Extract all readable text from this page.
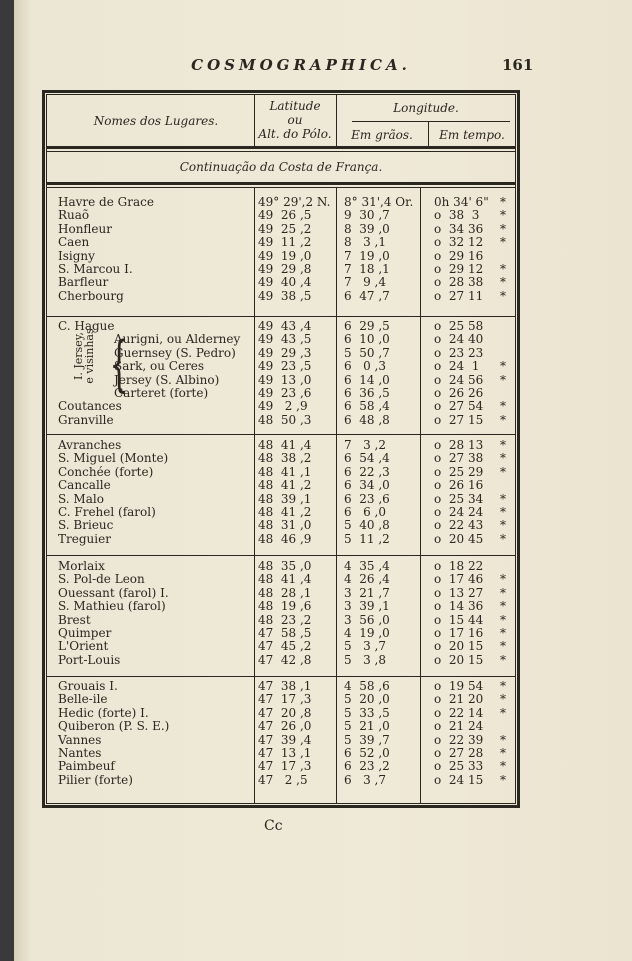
COSMOGRAPHICA.	161
Nomes dos Lugares.
Latitude
ou
Alt. do Pólo.
Longitude.
Em grãos.	Em tempo.
Continuação da Costa de França.
I. Jersey,
e visinhas {
Havre de Grace	49° 29',2 N.	8° 31',4 Or.	0h 34' 6" *
Ruaõ	49  26 ,5	9  30 ,7	o  38  3	*
Honfleur	49  25 ,2	8  39 ,0	o  34 36	*
Caen	49  11 ,2	8   3 ,1	o  32 12	*
Isigny	49  19 ,0	7  19 ,0	o  29 16
S. Marcou I.	49  29 ,8	7  18 ,1	o  29 12	*
Barfleur	49  40 ,4	7   9 ,4	o  28 38	*
Cherbourg	49  38 ,5	6  47 ,7	o  27 11	*
C. Hague	49  43 ,4	6  29 ,5	o  25 58
Aurigni, ou Alderney	49  43 ,5	6  10 ,0	o  24 40
Guernsey (S. Pedro)	49  29 ,3	5  50 ,7	o  23 23
Sark, ou Ceres	49  23 ,5	6   0 ,3	o  24  1	*
Jersey (S. Albino)	49  13 ,0	6  14 ,0	o  24 56	*
Carteret (forte)	49  23 ,6	6  36 ,5	o  26 26
Coutances	49   2 ,9	6  58 ,4	o  27 54	*
Granville	48  50 ,3	6  48 ,8	o  27 15	*
Avranches	48  41 ,4	7   3 ,2	o  28 13	*
S. Miguel (Monte)	48  38 ,2	6  54 ,4	o  27 38	*
Conchée (forte)	48  41 ,1	6  22 ,3	o  25 29	*
Cancalle	48  41 ,2	6  34 ,0	o  26 16
S. Malo	48  39 ,1	6  23 ,6	o  25 34	*
C. Frehel (farol)	48  41 ,2	6   6 ,0	o  24 24	*
S. Brieuc	48  31 ,0	5  40 ,8	o  22 43	*
Treguier	48  46 ,9	5  11 ,2	o  20 45	*
Morlaix	48  35 ,0	4  35 ,4	o  18 22
S. Pol-de Leon	48  41 ,4	4  26 ,4	o  17 46	*
Ouessant (farol) I.	48  28 ,1	3  21 ,7	o  13 27	*
S. Mathieu (farol)	48  19 ,6	3  39 ,1	o  14 36	*
Brest	48  23 ,2	3  56 ,0	o  15 44	*
Quimper	47  58 ,5	4  19 ,0	o  17 16	*
L'Orient	47  45 ,2	5   3 ,7	o  20 15	*
Port-Louis	47  42 ,8	5   3 ,8	o  20 15	*
Grouais I.	47  38 ,1	4  58 ,6	o  19 54	*
Belle-ile	47  17 ,3	5  20 ,0	o  21 20	*
Hedic (forte) I.	47  20 ,8	5  33 ,5	o  22 14	*
Quiberon (P. S. E.)	47  26 ,0	5  21 ,0	o  21 24
Vannes	47  39 ,4	5  39 ,7	o  22 39	*
Nantes	47  13 ,1	6  52 ,0	o  27 28	*
Paimbeuf	47  17 ,3	6  23 ,2	o  25 33	*
Pilier (forte)	47   2 ,5	6   3 ,7	o  24 15	*
Cc
